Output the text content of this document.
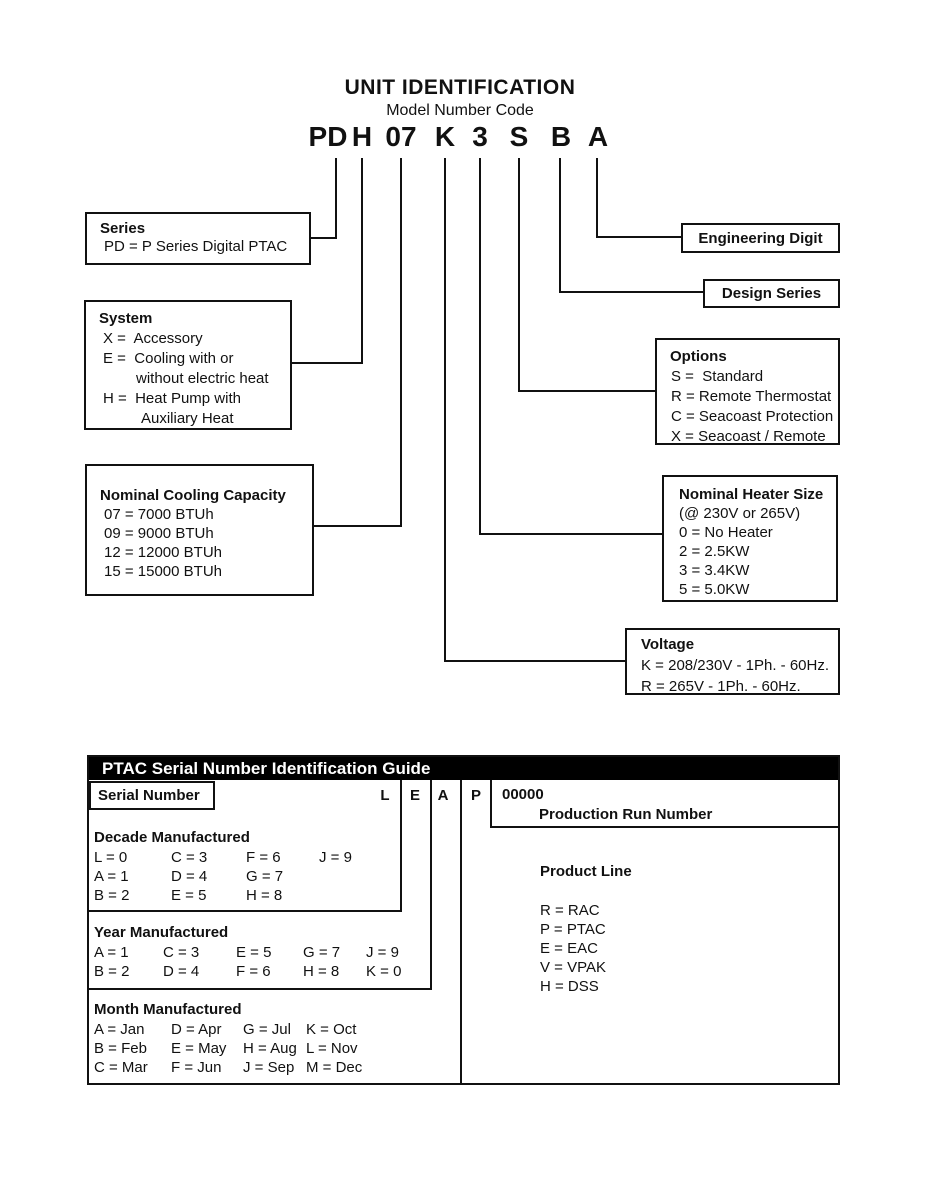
UNIT IDENTIFICATION
Model Number Code
PD H 07 K 3 S B A
Series
PD = P Series Digital PTAC
System
X =  Accessory
E =  Cooling with or
without electric heat
H =  Heat Pump with
Auxiliary Heat
Nominal Cooling Capacity
07 = 7000 BTUh
09 = 9000 BTUh
12 = 12000 BTUh
15 = 15000 BTUh
Engineering Digit
Design Series
Options
S =  Standard
R = Remote Thermostat
C = Seacoast Protection
X = Seacoast / Remote
Nominal Heater Size
(@ 230V or 265V)
0 = No Heater
2 = 2.5KW
3 = 3.4KW
5 = 5.0KW
Voltage
K = 208/230V - 1Ph. - 60Hz.
R = 265V - 1Ph. - 60Hz.
PTAC Serial Number Identification Guide
Serial Number	L	E	A	P	00000
Production Run Number
Decade Manufactured
L = 0	C = 3	F = 6	J = 9
A = 1	D = 4	G = 7
B = 2	E = 5	H = 8
Year Manufactured
A = 1	C = 3	E = 5	G = 7	J = 9
B = 2	D = 4	F = 6	H = 8	K = 0
Month Manufactured
A = Jan	D = Apr	G = Jul	K = Oct
B = Feb	E = May	H = Aug L = Nov
C = Mar	F = Jun	J = Sep M = Dec
Product Line
R = RAC
P = PTAC
E = EAC
V = VPAK
H = DSS
